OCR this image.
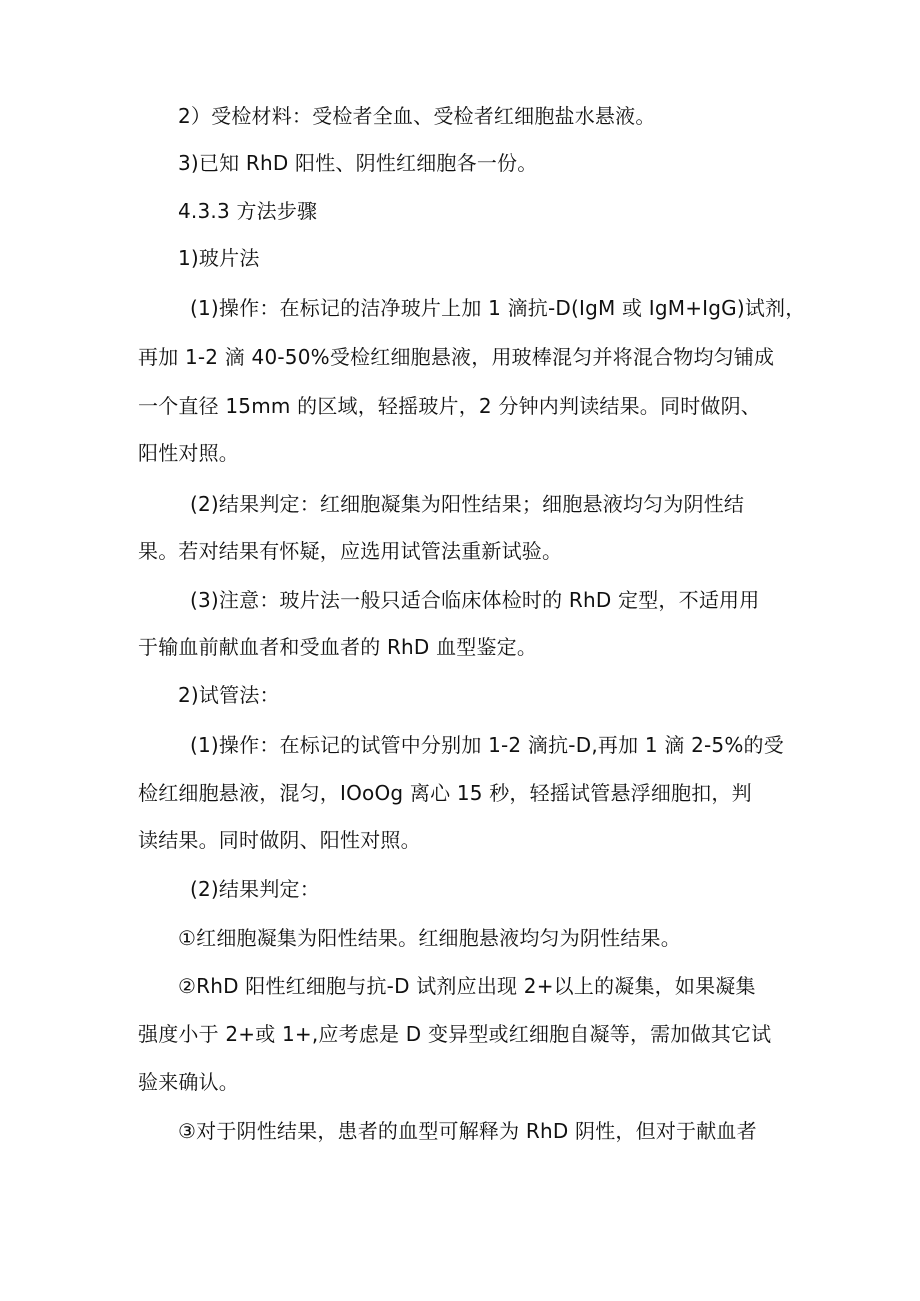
2）受检材料：受检者全血、受检者红细胞盐水悬液。
3)已知 RhD 阳性、阴性红细胞各一份。
4.3.3 方法步骤
1)玻片法
(1)操作：在标记的洁净玻片上加 1 滴抗-D(IgM 或 IgM+IgG)试剂，
再加 1-2 滴 40-50%受检红细胞悬液，用玻棒混匀并将混合物均匀铺成
一个直径 15mm 的区域，轻摇玻片，2 分钟内判读结果。同时做阴、
阳性对照。
(2)结果判定：红细胞凝集为阳性结果；细胞悬液均匀为阴性结
果。若对结果有怀疑，应选用试管法重新试验。
(3)注意：玻片法一般只适合临床体检时的 RhD 定型，不适用用
于输血前献血者和受血者的 RhD 血型鉴定。
2)试管法：
(1)操作：在标记的试管中分别加 1-2 滴抗-D,再加 1 滴 2-5%的受
检红细胞悬液，混匀，IOoOg 离心 15 秒，轻摇试管悬浮细胞扣，判
读结果。同时做阴、阳性对照。
(2)结果判定：
①红细胞凝集为阳性结果。红细胞悬液均匀为阴性结果。
②RhD 阳性红细胞与抗-D 试剂应出现 2+以上的凝集，如果凝集
强度小于 2+或 1+,应考虑是 D 变异型或红细胞自凝等，需加做其它试
验来确认。
③对于阴性结果，患者的血型可解释为 RhD 阴性，但对于献血者
